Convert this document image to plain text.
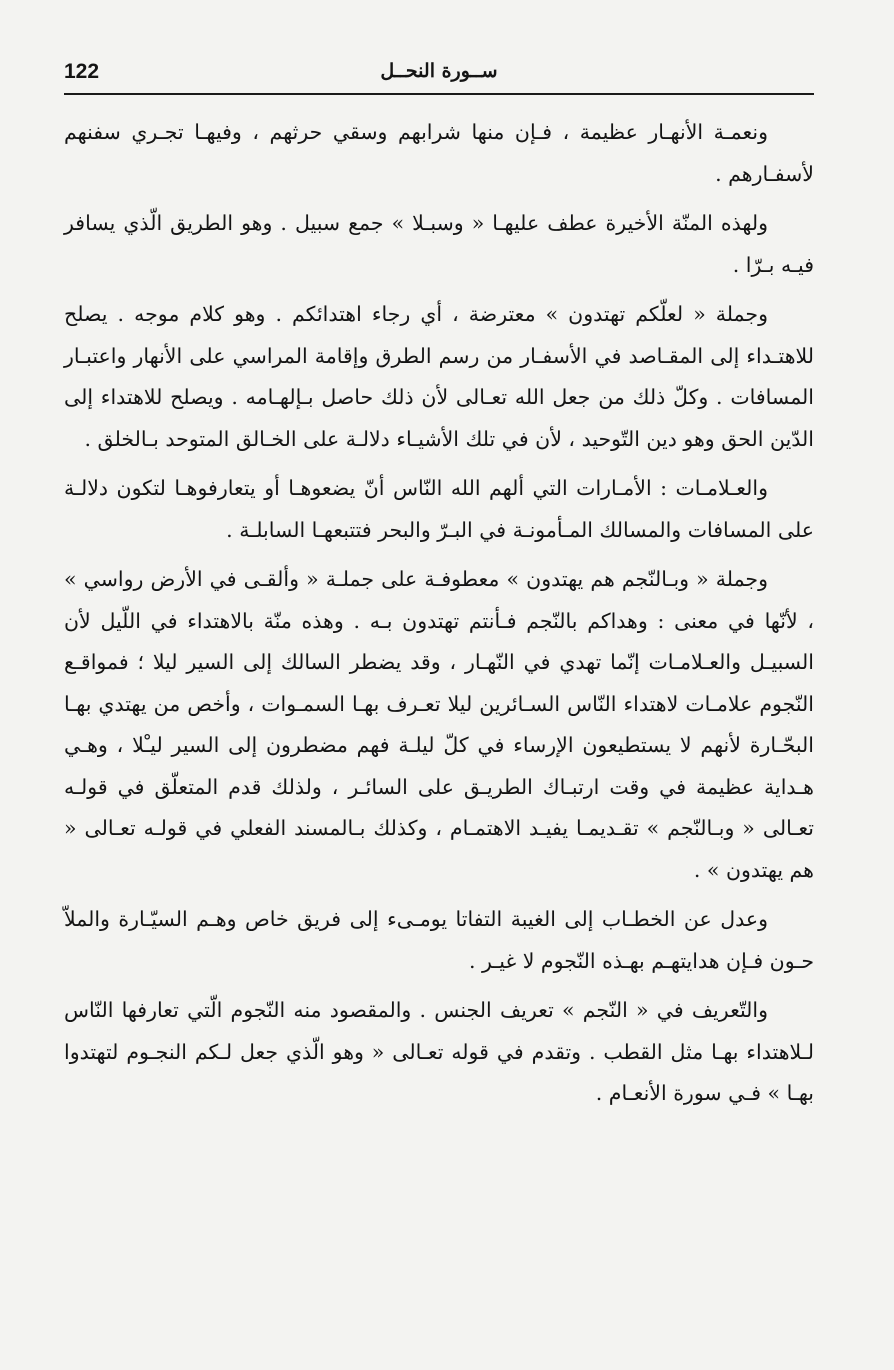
122	ســورة النحــل

ونعمـة الأنهـار عظيمة ، فـإن منها شرابهم وسقي حرثهم ، وفيهـا تجـري سفنهم لأسفـارهم .

ولهذه المنّة الأخيرة عطف عليهـا « وسبـلا » جمع سبيل . وهو الطريق الّذي يسافر فيـه بـرّا .

وجملة « لعلّكم تهتدون » معترضة ، أي رجاء اهتدائكم . وهو كلام موجه . يصلح للاهتـداء إلى المقـاصد في الأسفـار من رسم الطرق وإقامة المراسي على الأنهار واعتبـار المسافات . وكلّ ذلك من جعل الله تعـالى لأن ذلك حاصل بـإلهـامه . ويصلح للاهتداء إلى الدّين الحق وهو دين التّوحيد ، لأن في تلك الأشيـاء دلالـة على الخـالق المتوحد بـالخلق .

والعـلامـات : الأمـارات التي ألهم الله النّاس أنّ يضعوهـا أو يتعارفوهـا لتكون دلالـة على المسافات والمسالك المـأمونـة في البـرّ والبحر فتتبعهـا السابلـة .

وجملة « وبـالنّجم هم يهتدون » معطوفـة على جملـة « وألقـى في الأرض رواسي » ، لأنّها في معنى : وهداكم بالنّجم فـأنتم تهتدون بـه . وهذه منّة بالاهتداء في اللّيل لأن السبيـل والعـلامـات إنّما تهدي في النّهـار ، وقد يضطر السالك إلى السير ليلا ؛ فمواقـع النّجوم علامـات لاهتداء النّاس السـائرين ليلا تعـرف بهـا السمـوات ، وأخص من يهتدي بهـا البحّـارة لأنهم لا يستطيعون الإرساء في كلّ ليلـة فهم مضطرون إلى السير ليـْلا ، وهـي هـداية عظيمة في وقت ارتبـاك الطريـق على السائـر ، ولذلك قدم المتعلّق في قولـه تعـالى « وبـالنّجم » تقـديمـا يفيـد الاهتمـام ، وكذلك بـالمسند الفعلي في قولـه تعـالى « هم يهتدون » .

وعدل عن الخطـاب إلى الغيبة التفاتا يومـىء إلى فريق خاص وهـم السيّـارة والملاّ حـون فـإن هدايتهـم بهـذه النّجوم لا غيـر .

والتّعريف في « النّجم » تعريف الجنس . والمقصود منه النّجوم الّتي تعارفها النّاس لـلاهتداء بهـا مثل القطب . وتقدم في قوله تعـالى « وهو الّذي جعل لـكم النجـوم لتهتدوا بهـا » فـي سورة الأنعـام .
